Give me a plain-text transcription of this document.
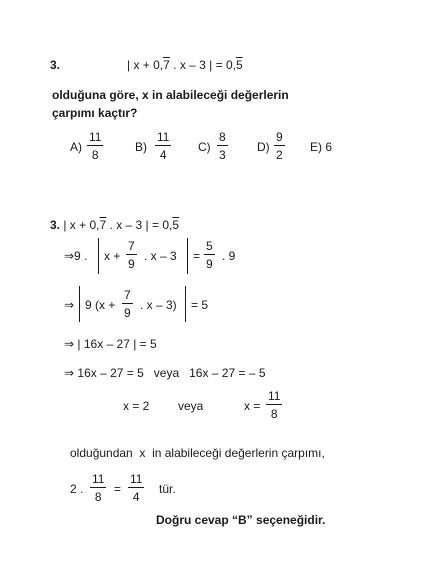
3.	| x + 0,7 . x – 3 | = 0,5
olduğuna göre, x in alabileceği değerlerin
çarpımı kaçtır?
$A) \frac{11}{8}$	$B) \frac{11}{4} C) \frac{8}{3} D) \frac{9}{2} E$) 6
3. | x + 0,7 . x – 3 | = 0,5
⇒9 . $x + \frac{7}{9}$ . $x - 3 = \frac{5}{9}$ . 9
⇒ 9 ($x + \frac{7}{9}$ . x – 3) = 5
⇒ | 16x – 27 | = 5
⇒ 16x – 27 = 5   veya   16x – 27 = – 5
x = 2 veya	$x = \frac{11}{8}$
olduğundan  x  in alabileceği değerlerin çarpımı,
2 . $\frac{11}{8} = \frac{11}{4}$ tür.
Doğru cevap “B” seçeneğidir.
